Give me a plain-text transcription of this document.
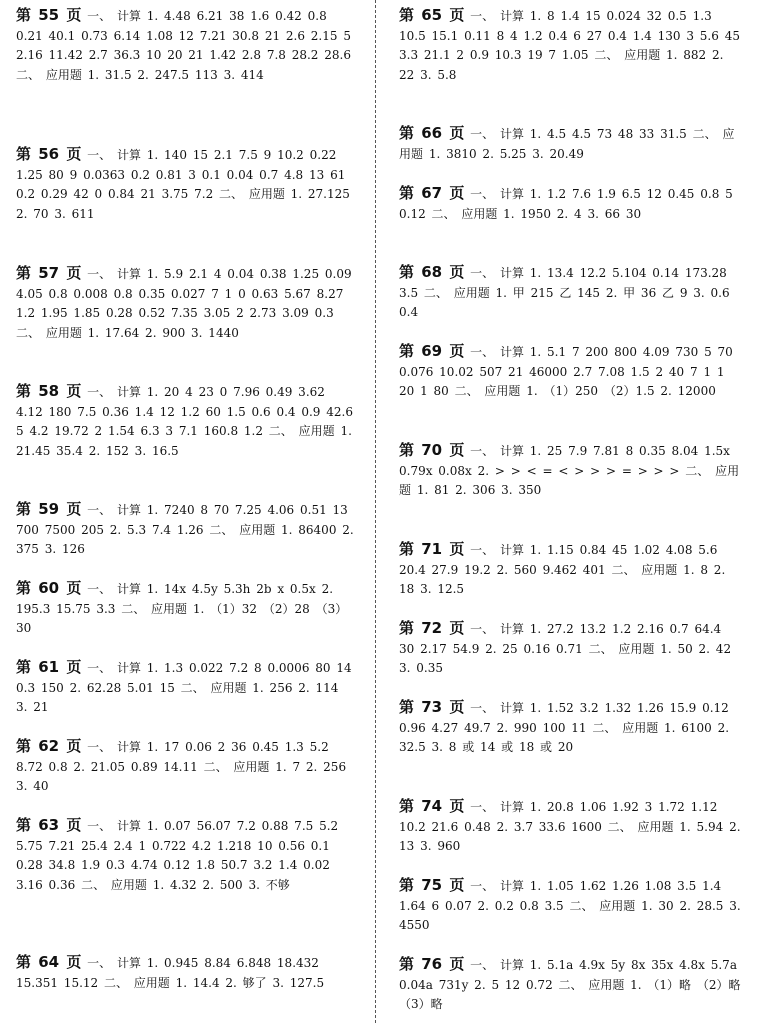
第 55 页 一、 计算 1. 4.48 6.21 38 1.6 0.42 0.8 0.21 40.1 0.73 6.14 1.08 12 7.21 30.8 21 2.6 2.15 5 2.16 11.42 2.7 36.3 10 20 21 1.42 2.8 7.8 28.2 28.6 二、 应用题 1. 31.5 2. 247.5 113 3. 414

第 56 页 一、 计算 1. 140 15 2.1 7.5 9 10.2 0.22 1.25 80 9 0.0363 0.2 0.81 3 0.1 0.04 0.7 4.8 13 61 0.2 0.29 42 0 0.84 21 3.75 7.2 二、 应用题 1. 27.125 2. 70 3. 611

第 57 页 一、 计算 1. 5.9 2.1 4 0.04 0.38 1.25 0.09 4.05 0.8 0.008 0.8 0.35 0.027 7 1 0 0.63 5.67 8.27 1.2 1.95 1.85 0.28 0.52 7.35 3.05 2 2.73 3.09 0.3 二、 应用题 1. 17.64 2. 900 3. 1440

第 58 页 一、 计算 1. 20 4 23 0 7.96 0.49 3.62 4.12 180 7.5 0.36 1.4 12 1.2 60 1.5 0.6 0.4 0.9 42.6 5 4.2 19.72 2 1.54 6.3 3 7.1 160.8 1.2 二、 应用题 1. 21.45 35.4 2. 152 3. 16.5

第 59 页 一、 计算 1. 7240 8 70 7.25 4.06 0.51 13 700 7500 205 2. 5.3 7.4 1.26 二、 应用题 1. 86400 2. 375 3. 126

第 60 页 一、 计算 1. 14x 4.5y 5.3h 2b x 0.5x 2. 195.3 15.75 3.3 二、 应用题 1. （1）32 （2）28 （3）30

第 61 页 一、 计算 1. 1.3 0.022 7.2 8 0.0006 80 14 0.3 150 2. 62.28 5.01 15 二、 应用题 1. 256 2. 114 3. 21

第 62 页 一、 计算 1. 17 0.06 2 36 0.45 1.3 5.2 8.72 0.8 2. 21.05 0.89 14.11 二、 应用题 1. 7 2. 256 3. 40

第 63 页 一、 计算 1. 0.07 56.07 7.2 0.88 7.5 5.2 5.75 7.21 25.4 2.4 1 0.722 4.2 1.218 10 0.56 0.1 0.28 34.8 1.9 0.3 4.74 0.12 1.8 50.7 3.2 1.4 0.02 3.16 0.36 二、 应用题 1. 4.32 2. 500 3. 不够

第 64 页 一、 计算 1. 0.945 8.84 6.848 18.432 15.351 15.12 二、 应用题 1. 14.4 2. 够了 3. 127.5

第 65 页 一、 计算 1. 8 1.4 15 0.024 32 0.5 1.3 10.5 15.1 0.11 8 4 1.2 0.4 6 27 0.4 1.4 130 3 5.6 45 3.3 21.1 2 0.9 10.3 19 7 1.05 二、 应用题 1. 882 2. 22 3. 5.8

第 66 页 一、 计算 1. 4.5 4.5 73 48 33 31.5 二、 应用题 1. 3810 2. 5.25 3. 20.49

第 67 页 一、 计算 1. 1.2 7.6 1.9 6.5 12 0.45 0.8 5 0.12 二、 应用题 1. 1950 2. 4 3. 66 30

第 68 页 一、 计算 1. 13.4 12.2 5.104 0.14 173.28 3.5 二、 应用题 1. 甲 215 乙 145 2. 甲 36 乙 9 3. 0.6 0.4

第 69 页 一、 计算 1. 5.1 7 200 800 4.09 730 5 70 0.076 10.02 507 21 46000 2.7 7.08 1.5 2 40 7 1 1 20 1 80 二、 应用题 1. （1）250 （2）1.5 2. 12000

第 70 页 一、 计算 1. 25 7.9 7.81 8 0.35 8.04 1.5x 0.79x 0.08x 2. > > < = < > > > = > > > 二、 应用题 1. 81 2. 306 3. 350

第 71 页 一、 计算 1. 1.15 0.84 45 1.02 4.08 5.6 20.4 27.9 19.2 2. 560 9.462 401 二、 应用题 1. 8 2. 18 3. 12.5

第 72 页 一、 计算 1. 27.2 13.2 1.2 2.16 0.7 64.4 30 2.17 54.9 2. 25 0.16 0.71 二、 应用题 1. 50 2. 42 3. 0.35

第 73 页 一、 计算 1. 1.52 3.2 1.32 1.26 15.9 0.12 0.96 4.27 49.7 2. 990 100 11 二、 应用题 1. 6100 2. 32.5 3. 8 或 14 或 18 或 20

第 74 页 一、 计算 1. 20.8 1.06 1.92 3 1.72 1.12 10.2 21.6 0.48 2. 3.7 33.6 1600 二、 应用题 1. 5.94 2. 13 3. 960

第 75 页 一、 计算 1. 1.05 1.62 1.26 1.08 3.5 1.4 1.64 6 0.07 2. 0.2 0.8 3.5 二、 应用题 1. 30 2. 28.5 3. 4550

第 76 页 一、 计算 1. 5.1a 4.9x 5y 8x 35x 4.8x 5.7a 0.04a 731y 2. 5 12 0.72 二、 应用题 1. （1）略 （2）略 （3）略
